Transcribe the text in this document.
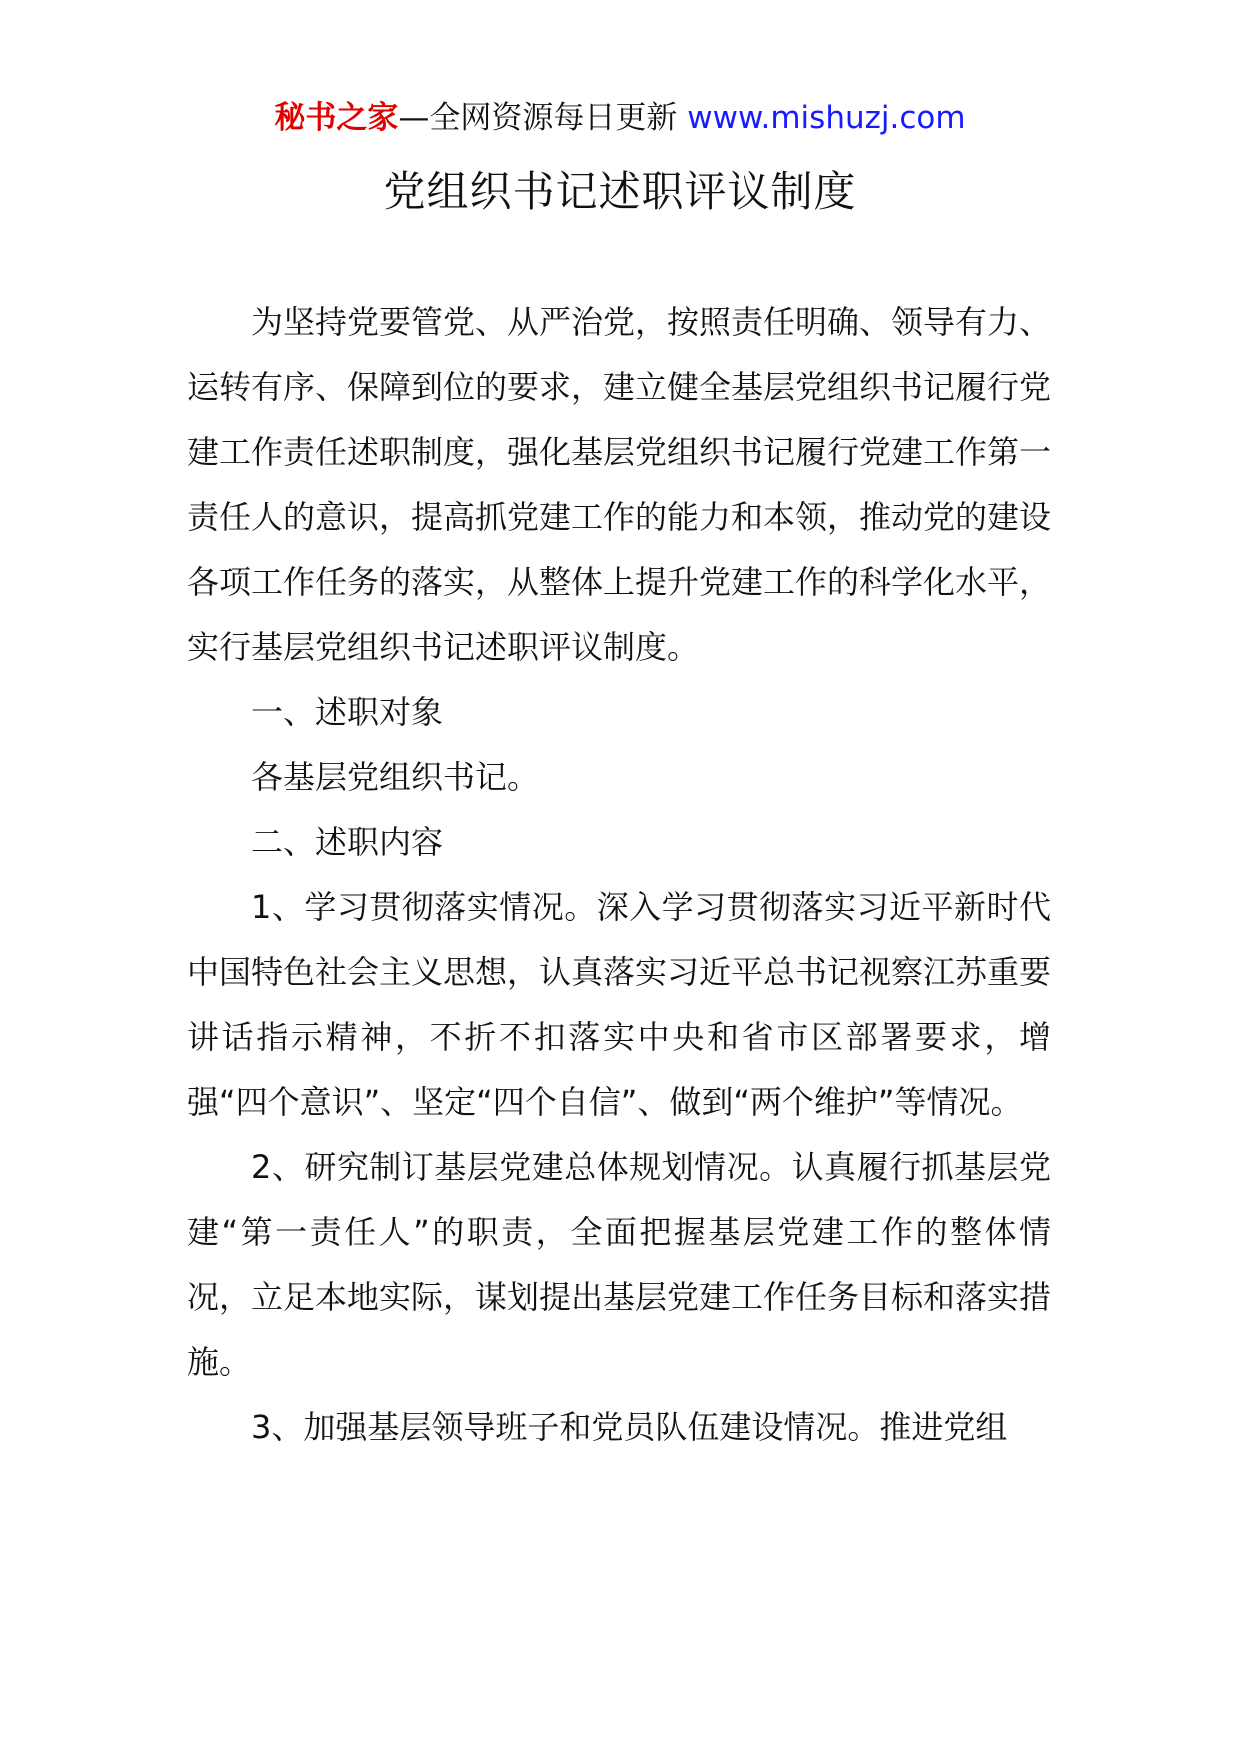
秘书之家—全网资源每日更新 www.mishuzj.com
党组织书记述职评议制度

为坚持党要管党、从严治党，按照责任明确、领导有力、运转有序、保障到位的要求，建立健全基层党组织书记履行党建工作责任述职制度，强化基层党组织书记履行党建工作第一责任人的意识，提高抓党建工作的能力和本领，推动党的建设各项工作任务的落实，从整体上提升党建工作的科学化水平，实行基层党组织书记述职评议制度。

一、述职对象

各基层党组织书记。

二、述职内容

1、学习贯彻落实情况。深入学习贯彻落实习近平新时代中国特色社会主义思想，认真落实习近平总书记视察江苏重要讲话指示精神，不折不扣落实中央和省市区部署要求，增强“四个意识”、坚定“四个自信”、做到“两个维护”等情况。

2、研究制订基层党建总体规划情况。认真履行抓基层党建“第一责任人”的职责，全面把握基层党建工作的整体情况，立足本地实际，谋划提出基层党建工作任务目标和落实措施。

3、加强基层领导班子和党员队伍建设情况。推进党组
